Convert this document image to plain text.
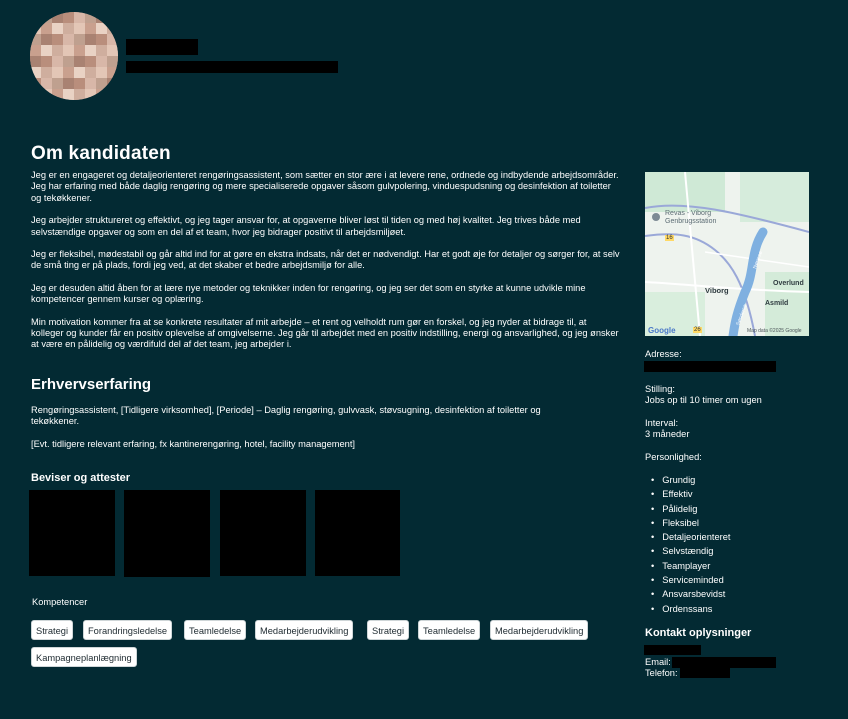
Om kandidaten

Jeg er en engageret og detaljeorienteret rengøringsassistent, som sætter en stor ære i at levere rene, ordnede og indbydende arbejdsområder. Jeg har erfaring med både daglig rengøring og mere specialiserede opgaver såsom gulvpolering, vinduespudsning og desinfektion af toiletter og tekøkkener.

Jeg arbejder struktureret og effektivt, og jeg tager ansvar for, at opgaverne bliver løst til tiden og med høj kvalitet. Jeg trives både med selvstændige opgaver og som en del af et team, hvor jeg bidrager positivt til arbejdsmiljøet.

Jeg er fleksibel, mødestabil og går altid ind for at gøre en ekstra indsats, når det er nødvendigt. Har et godt øje for detaljer og sørger for, at selv de små ting er på plads, fordi jeg ved, at det skaber et bedre arbejdsmiljø for alle.

Jeg er desuden altid åben for at lære nye metoder og teknikker inden for rengøring, og jeg ser det som en styrke at kunne udvikle mine kompetencer gennem kurser og oplæring.

Min motivation kommer fra at se konkrete resultater af mit arbejde – et rent og velholdt rum gør en forskel, og jeg nyder at bidrage til, at kolleger og kunder får en positiv oplevelse af omgivelserne. Jeg går til arbejdet med en positiv indstilling, energi og ansvarlighed, og jeg ønsker at være en pålidelig og værdifuld del af det team, jeg arbejder i.

Erhvervserfaring

Rengøringsassistent, [Tidligere virksomhed], [Periode] – Daglig rengøring, gulvvask, støvsugning, desinfektion af toiletter og tekøkkener.

[Evt. tidligere relevant erfaring, fx kantinerengøring, hotel, facility management]

Beviser og attester
Kompetencer
Strategi	Forandringsledelse	Teamledelse	Medarbejderudvikling	Strategi	Teamledelse	Medarbejderudvikling
Kampagneplanlægning
Revas - Viborg Genbrugsstation
Viborg
Overlund
Asmild
Nørresø
Søndersø
16
26
Google	Map data ©2025 Google
Adresse:
Stilling:
Jobs op til 10 timer om ugen
Interval:
3 måneder
Personlighed:
• Grundig
• Effektiv
• Pålidelig
• Fleksibel
• Detaljeorienteret
• Selvstændig
• Teamplayer
• Serviceminded
• Ansvarsbevidst
• Ordenssans
Kontakt oplysninger
Email:
Telefon:
